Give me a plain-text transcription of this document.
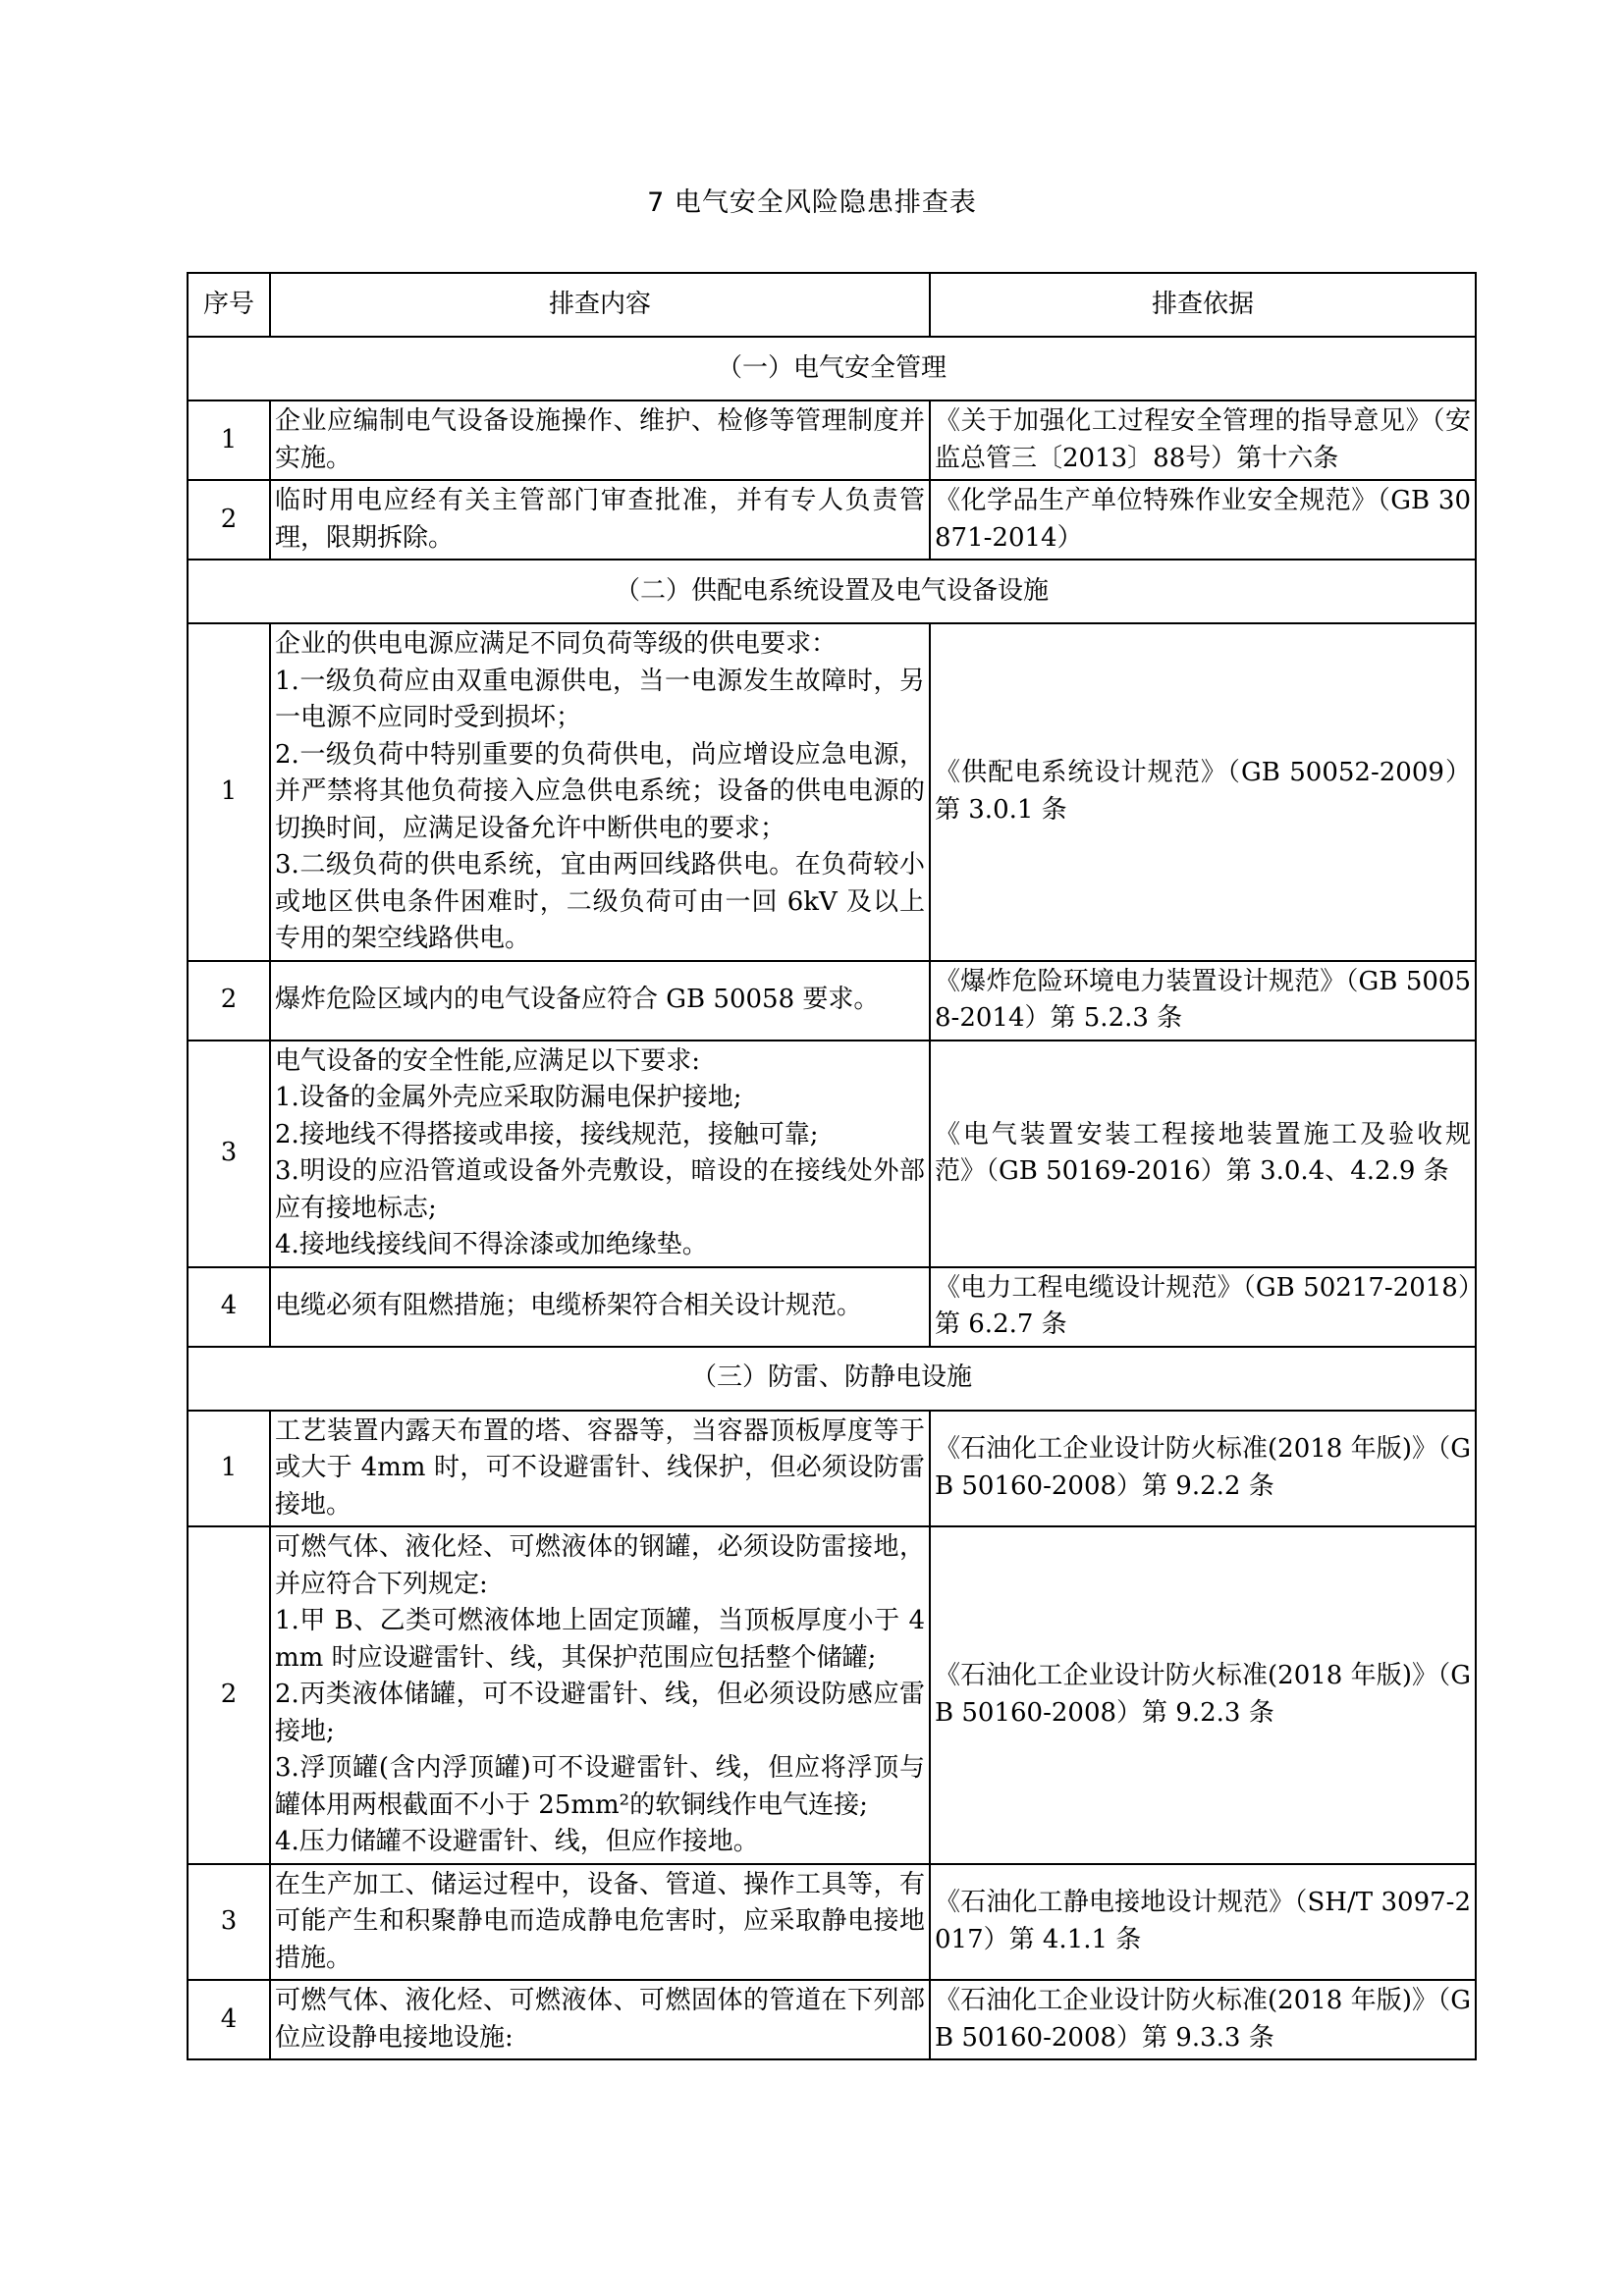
7 电气安全风险隐患排查表
序号	排查内容	排查依据
（一）电气安全管理		
1	企业应编制电气设备设施操作、维护、检修等管理制度并实施。	《关于加强化工过程安全管理的指导意见》（安监总管三〔2013〕88号）第十六条
2	临时用电应经有关主管部门审查批准，并有专人负责管理，限期拆除。	《化学品生产单位特殊作业安全规范》（GB 30871-2014）
（二）供配电系统设置及电气设备设施		
1	企业的供电电源应满足不同负荷等级的供电要求：
1.一级负荷应由双重电源供电，当一电源发生故障时，另一电源不应同时受到损坏；
2.一级负荷中特别重要的负荷供电，尚应增设应急电源，并严禁将其他负荷接入应急供电系统；设备的供电电源的切换时间，应满足设备允许中断供电的要求；
3.二级负荷的供电系统，宜由两回线路供电。在负荷较小或地区供电条件困难时，二级负荷可由一回 6kV 及以上专用的架空线路供电。	《供配电系统设计规范》（GB 50052-2009）第 3.0.1 条
2	爆炸危险区域内的电气设备应符合 GB 50058 要求。	《爆炸危险环境电力装置设计规范》（GB 50058-2014）第 5.2.3 条
3	电气设备的安全性能,应满足以下要求:
1.设备的金属外壳应采取防漏电保护接地;
2.接地线不得搭接或串接，接线规范，接触可靠;
3.明设的应沿管道或设备外壳敷设，暗设的在接线处外部应有接地标志;
4.接地线接线间不得涂漆或加绝缘垫。	《电气装置安装工程接地装置施工及验收规范》（GB 50169-2016）第 3.0.4、4.2.9 条
4	电缆必须有阻燃措施；电缆桥架符合相关设计规范。	《电力工程电缆设计规范》（GB 50217-2018）第 6.2.7 条
（三）防雷、防静电设施		
1	工艺装置内露天布置的塔、容器等，当容器顶板厚度等于或大于 4mm 时，可不设避雷针、线保护，但必须设防雷接地。	《石油化工企业设计防火标准(2018 年版)》（GB 50160-2008）第 9.2.2 条
2	可燃气体、液化烃、可燃液体的钢罐，必须设防雷接地，并应符合下列规定:
1.甲 B、乙类可燃液体地上固定顶罐，当顶板厚度小于 4mm 时应设避雷针、线，其保护范围应包括整个储罐;
2.丙类液体储罐，可不设避雷针、线，但必须设防感应雷接地;
3.浮顶罐(含内浮顶罐)可不设避雷针、线，但应将浮顶与罐体用两根截面不小于 25mm²的软铜线作电气连接;
4.压力储罐不设避雷针、线，但应作接地。	《石油化工企业设计防火标准(2018 年版)》（GB 50160-2008）第 9.2.3 条
3	在生产加工、储运过程中，设备、管道、操作工具等，有可能产生和积聚静电而造成静电危害时，应采取静电接地措施。	《石油化工静电接地设计规范》（SH/T 3097-2017）第 4.1.1 条
4	可燃气体、液化烃、可燃液体、可燃固体的管道在下列部位应设静电接地设施:	《石油化工企业设计防火标准(2018 年版)》（GB 50160-2008）第 9.3.3 条
